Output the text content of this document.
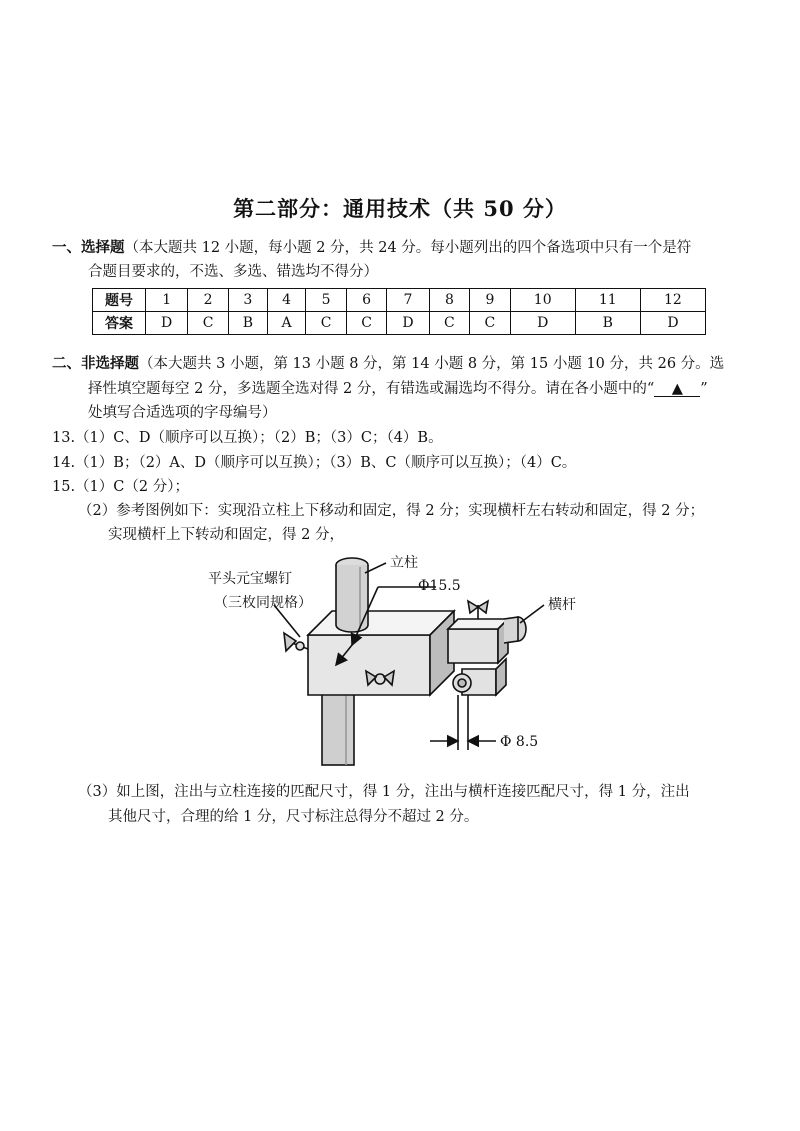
第二部分：通用技术（共 50 分）
一、选择题（本大题共 12 小题，每小题 2 分，共 24 分。每小题列出的四个备选项中只有一个是符
合题目要求的，不选、多选、错选均不得分）
题号	1	2	3	4	5	6	7	8	9	10	11	12
答案	D	C	B	A	C	C	D	C	C	D	B	D
二、非选择题（本大题共 3 小题，第 13 小题 8 分，第 14 小题 8 分，第 15 小题 10 分，共 26 分。选
择性填空题每空 2 分，多选题全选对得 2 分，有错选或漏选均不得分。请在各小题中的“ ▲ ”
处填写合适选项的字母编号）
13.（1）C、D（顺序可以互换）；（2）B；（3）C；（4）B。
14.（1）B；（2）A、D（顺序可以互换）；（3）B、C（顺序可以互换）；（4）C。
15.（1）C（2 分）；
（2）参考图例如下：实现沿立柱上下移动和固定，得 2 分；实现横杆左右转动和固定，得 2 分；
实现横杆上下转动和固定，得 2 分，
平头元宝螺钉
（三枚同规格）
立柱
Φ15.5
横杆
Φ 8.5
（3）如上图，注出与立柱连接的匹配尺寸，得 1 分，注出与横杆连接匹配尺寸，得 1 分，注出
其他尺寸，合理的给 1 分，尺寸标注总得分不超过 2 分。
